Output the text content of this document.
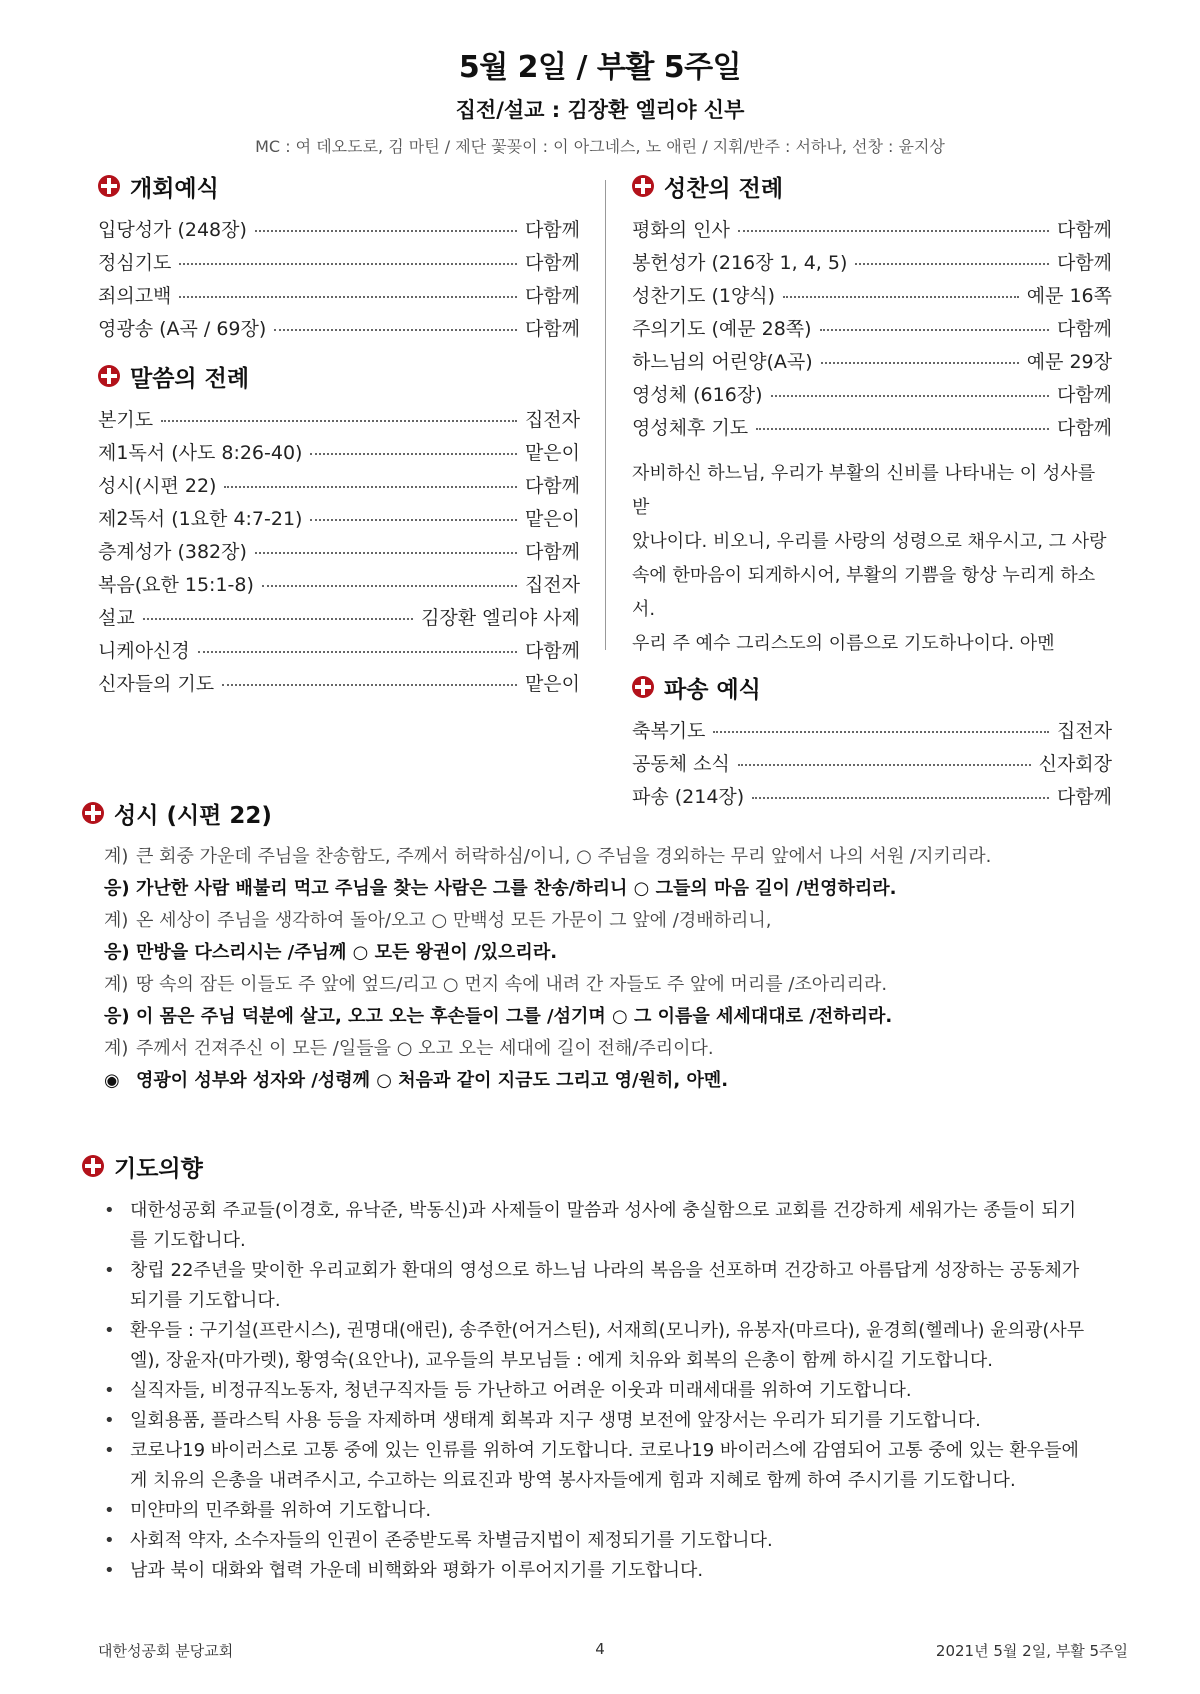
5월 2일 / 부활 5주일
집전/설교 : 김장환 엘리야 신부
MC : 여 데오도로, 김 마틴 / 제단 꽃꽂이 : 이 아그네스, 노 애린 / 지휘/반주 : 서하나, 선창 : 윤지상
개회예식
입당성가 (248장)	다함께
정심기도	다함께
죄의고백	다함께
영광송 (A곡 / 69장)	다함께
말씀의 전례
본기도	집전자
제1독서 (사도 8:26-40)	맡은이
성시(시편 22)	다함께
제2독서 (1요한 4:7-21)	맡은이
층계성가 (382장)	다함께
복음(요한 15:1-8)	집전자
설교	김장환 엘리야 사제
니케아신경	다함께
신자들의 기도	맡은이
성찬의 전례
평화의 인사	다함께
봉헌성가 (216장 1, 4, 5)	다함께
성찬기도 (1양식)	예문 16쪽
주의기도 (예문 28쪽)	다함께
하느님의 어린양(A곡)	예문 29장
영성체 (616장)	다함께
영성체후 기도	다함께
자비하신 하느님, 우리가 부활의 신비를 나타내는 이 성사를 받
았나이다. 비오니, 우리를 사랑의 성령으로 채우시고, 그 사랑
속에 한마음이 되게하시어, 부활의 기쁨을 항상 누리게 하소서.
우리 주 예수 그리스도의 이름으로 기도하나이다. 아멘
파송 예식
축복기도	집전자
공동체 소식	신자회장
파송 (214장)	다함께
성시 (시편 22)
계) 큰 회중 가운데 주님을 찬송함도, 주께서 허락하심/이니, ○ 주님을 경외하는 무리 앞에서 나의 서원 /지키리라.
응) 가난한 사람 배불리 먹고 주님을 찾는 사람은 그를 찬송/하리니 ○ 그들의 마음 길이 /번영하리라.
계) 온 세상이 주님을 생각하여 돌아/오고 ○ 만백성 모든 가문이 그 앞에 /경배하리니,
응) 만방을 다스리시는 /주님께 ○ 모든 왕권이 /있으리라.
계) 땅 속의 잠든 이들도 주 앞에 엎드/리고 ○ 먼지 속에 내려 간 자들도 주 앞에 머리를 /조아리리라.
응) 이 몸은 주님 덕분에 살고, 오고 오는 후손들이 그를 /섬기며 ○ 그 이름을 세세대대로 /전하리라.
계) 주께서 건져주신 이 모든 /일들을 ○ 오고 오는 세대에 길이 전해/주리이다.
◉ 영광이 성부와 성자와 /성령께 ○ 처음과 같이 지금도 그리고 영/원히, 아멘.
기도의향
• 대한성공회 주교들(이경호, 유낙준, 박동신)과 사제들이 말씀과 성사에 충실함으로 교회를 건강하게 세워가는 종들이 되기
를 기도합니다.
• 창립 22주년을 맞이한 우리교회가 환대의 영성으로 하느님 나라의 복음을 선포하며 건강하고 아름답게 성장하는 공동체가
되기를 기도합니다.
• 환우들 : 구기설(프란시스), 권명대(애린), 송주한(어거스틴), 서재희(모니카), 유봉자(마르다), 윤경희(헬레나) 윤의광(사무
엘), 장윤자(마가렛), 황영숙(요안나), 교우들의 부모님들 : 에게 치유와 회복의 은총이 함께 하시길 기도합니다.
• 실직자들, 비정규직노동자, 청년구직자들 등 가난하고 어려운 이웃과 미래세대를 위하여 기도합니다.
• 일회용품, 플라스틱 사용 등을 자제하며 생태계 회복과 지구 생명 보전에 앞장서는 우리가 되기를 기도합니다.
• 코로나19 바이러스로 고통 중에 있는 인류를 위하여 기도합니다. 코로나19 바이러스에 감염되어 고통 중에 있는 환우들에
게 치유의 은총을 내려주시고, 수고하는 의료진과 방역 봉사자들에게 힘과 지혜로 함께 하여 주시기를 기도합니다.
• 미얀마의 민주화를 위하여 기도합니다.
• 사회적 약자, 소수자들의 인권이 존중받도록 차별금지법이 제정되기를 기도합니다.
• 남과 북이 대화와 협력 가운데 비핵화와 평화가 이루어지기를 기도합니다.
대한성공회 분당교회	4	2021년 5월 2일, 부활 5주일
